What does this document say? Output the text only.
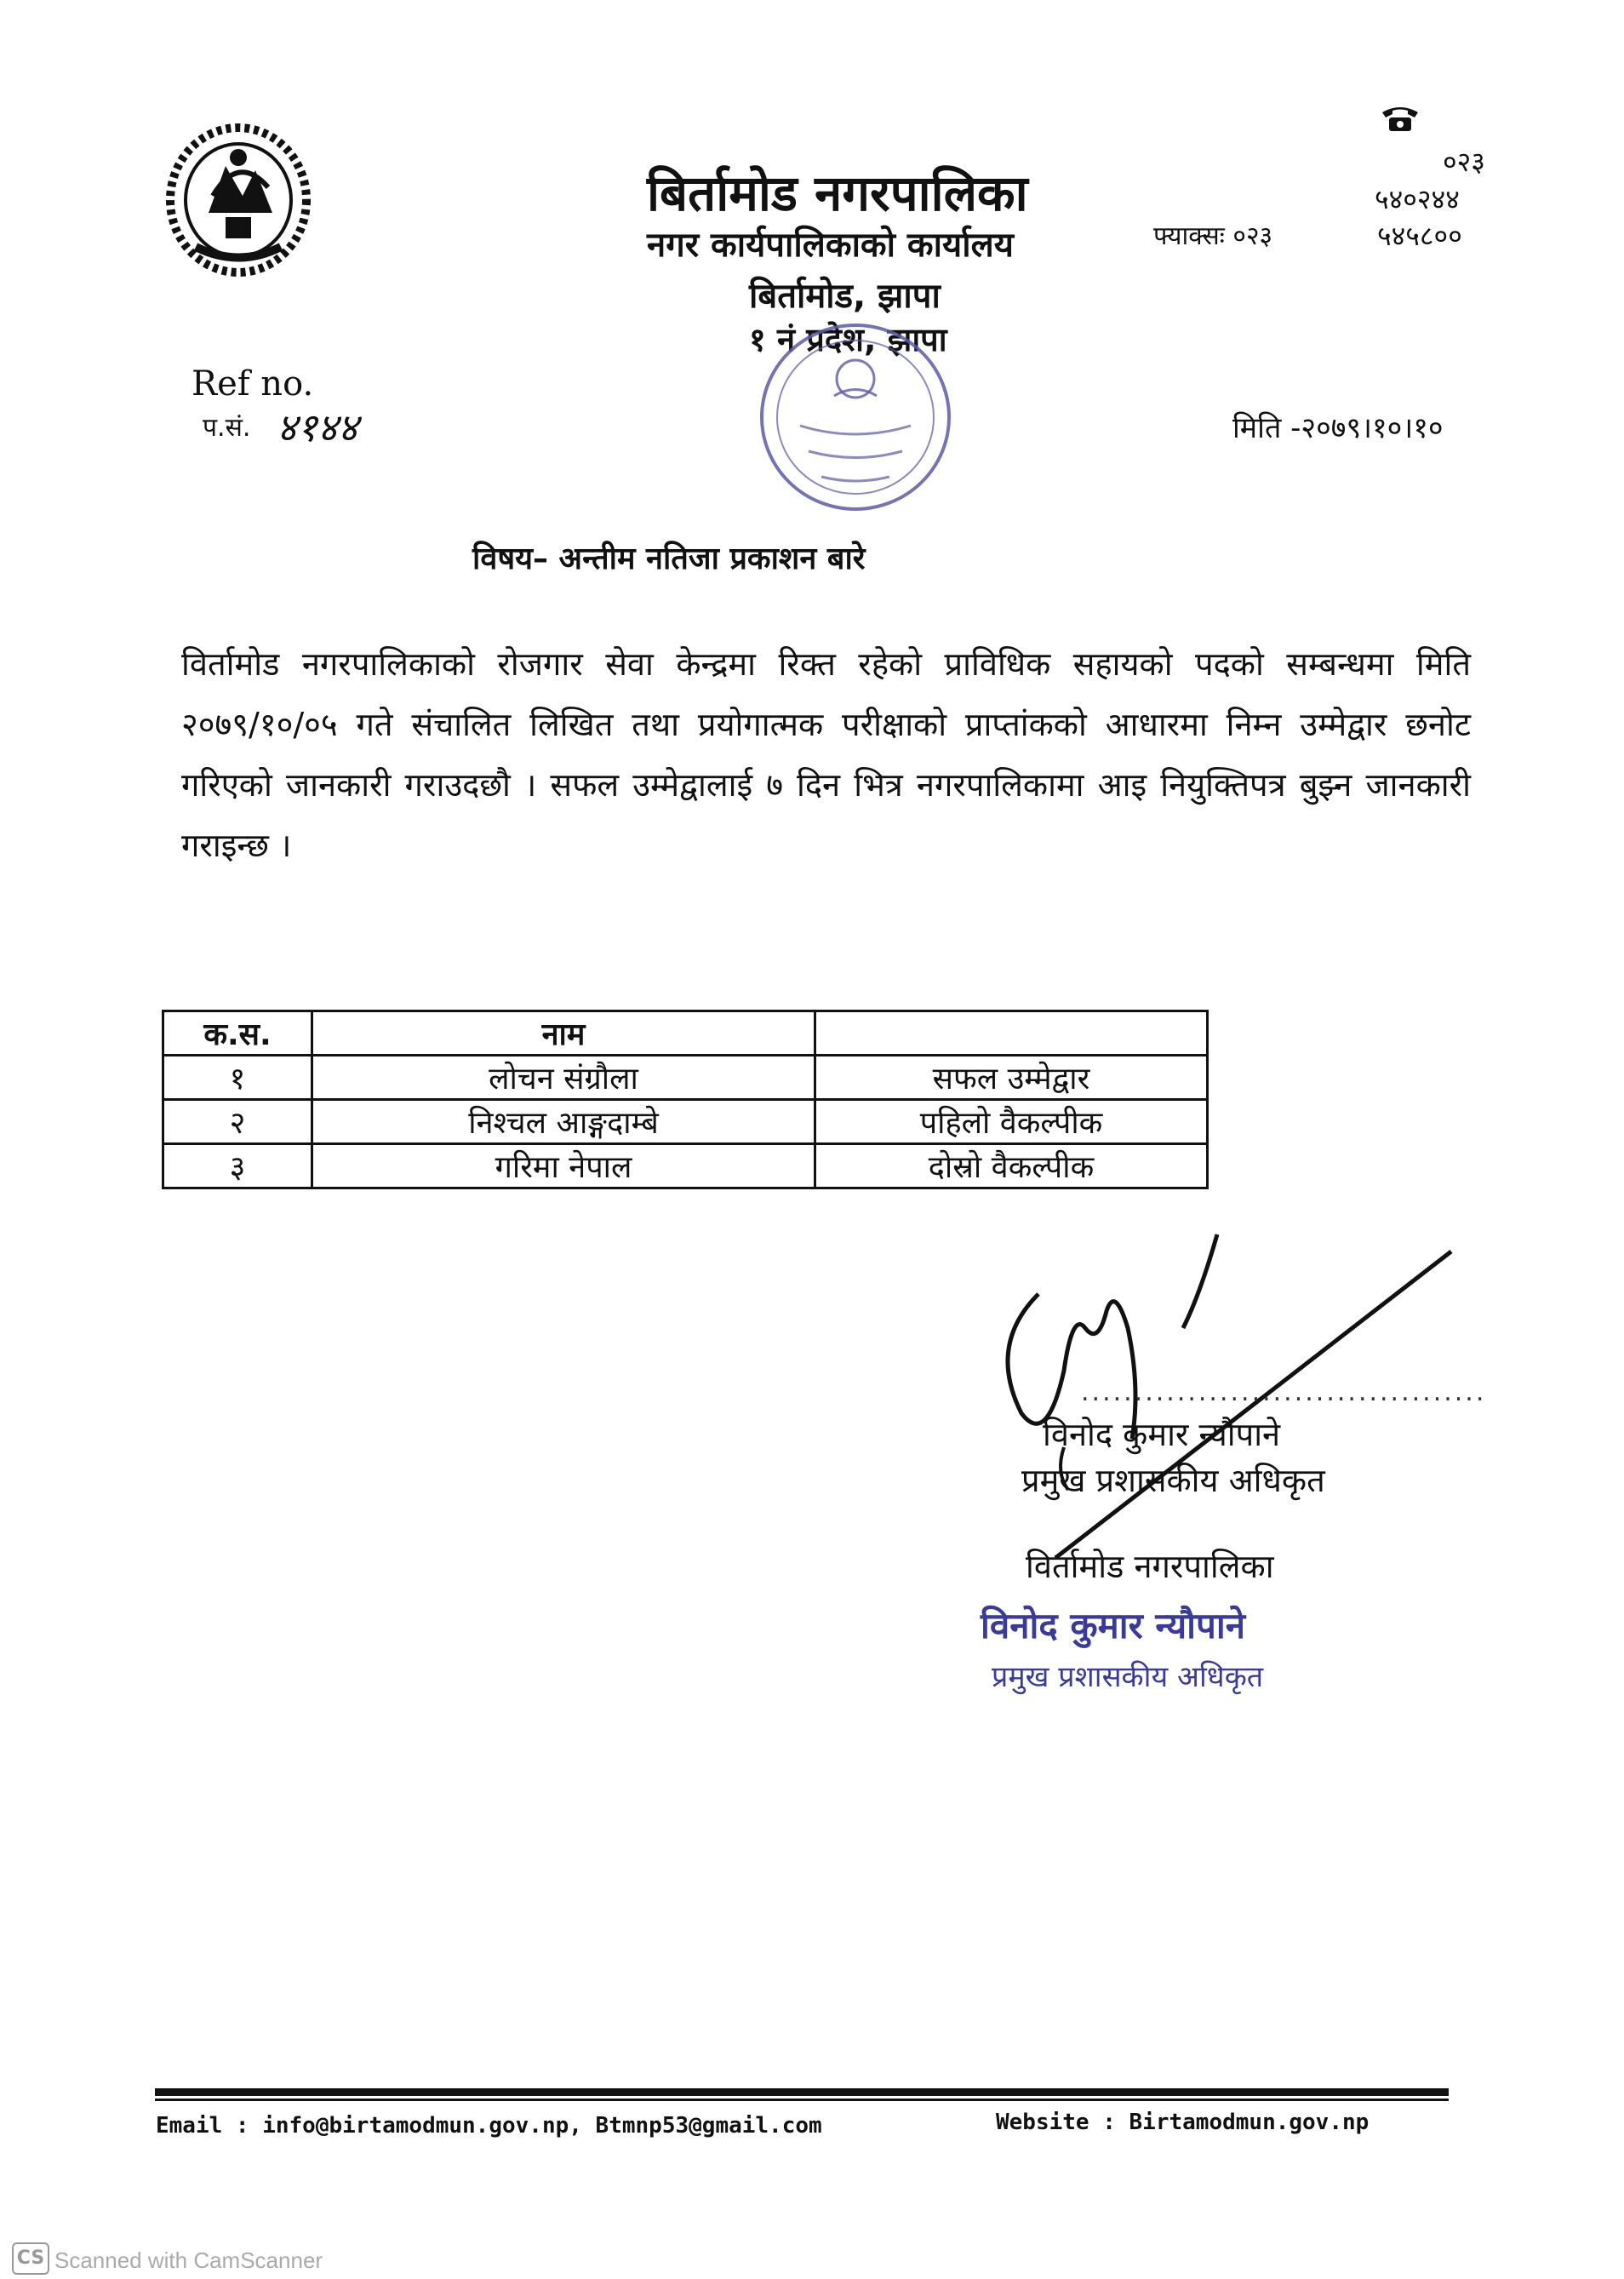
बिर्तामोड नगरपालिका
नगर कार्यपालिकाको कार्यालय
बिर्तामोड, झापा
१ नं प्रदेश, झापा
०२३
५४०२४४
फ्याक्सः ०२३	५४५८००
Ref no.
प.सं. ४१४४	मिति -२०७९।१०।१०
विषय– अन्तीम नतिजा प्रकाशन बारे
विर्तामोड नगरपालिकाको रोजगार सेवा केन्द्रमा रिक्त रहेको प्राविधिक सहायको पदको सम्बन्धमा मिति २०७९/१०/०५ गते संचालित लिखित तथा प्रयोगात्मक परीक्षाको प्राप्तांकको आधारमा निम्न उम्मेद्वार छनोट गरिएको जानकारी गराउदछौ । सफल उम्मेद्वालाई ७ दिन भित्र नगरपालिकामा आइ नियुक्तिपत्र बुझ्न जानकारी गराइन्छ ।
क.स.	नाम	
१	लोचन संग्रौला	सफल उम्मेद्वार
२	निश्चल आङ्गदाम्बे	पहिलो वैकल्पीक
३	गरिमा नेपाल	दोस्रो वैकल्पीक
......................................
विनोद कुमार न्यौपाने
प्रमुख प्रशासकीय अधिकृत
विर्तामोड नगरपालिका
विनोद कुमार न्यौपाने
प्रमुख प्रशासकीय अधिकृत
Email : info@birtamodmun.gov.np, Btmnp53@gmail.com	Website : Birtamodmun.gov.np
CS Scanned with CamScanner
